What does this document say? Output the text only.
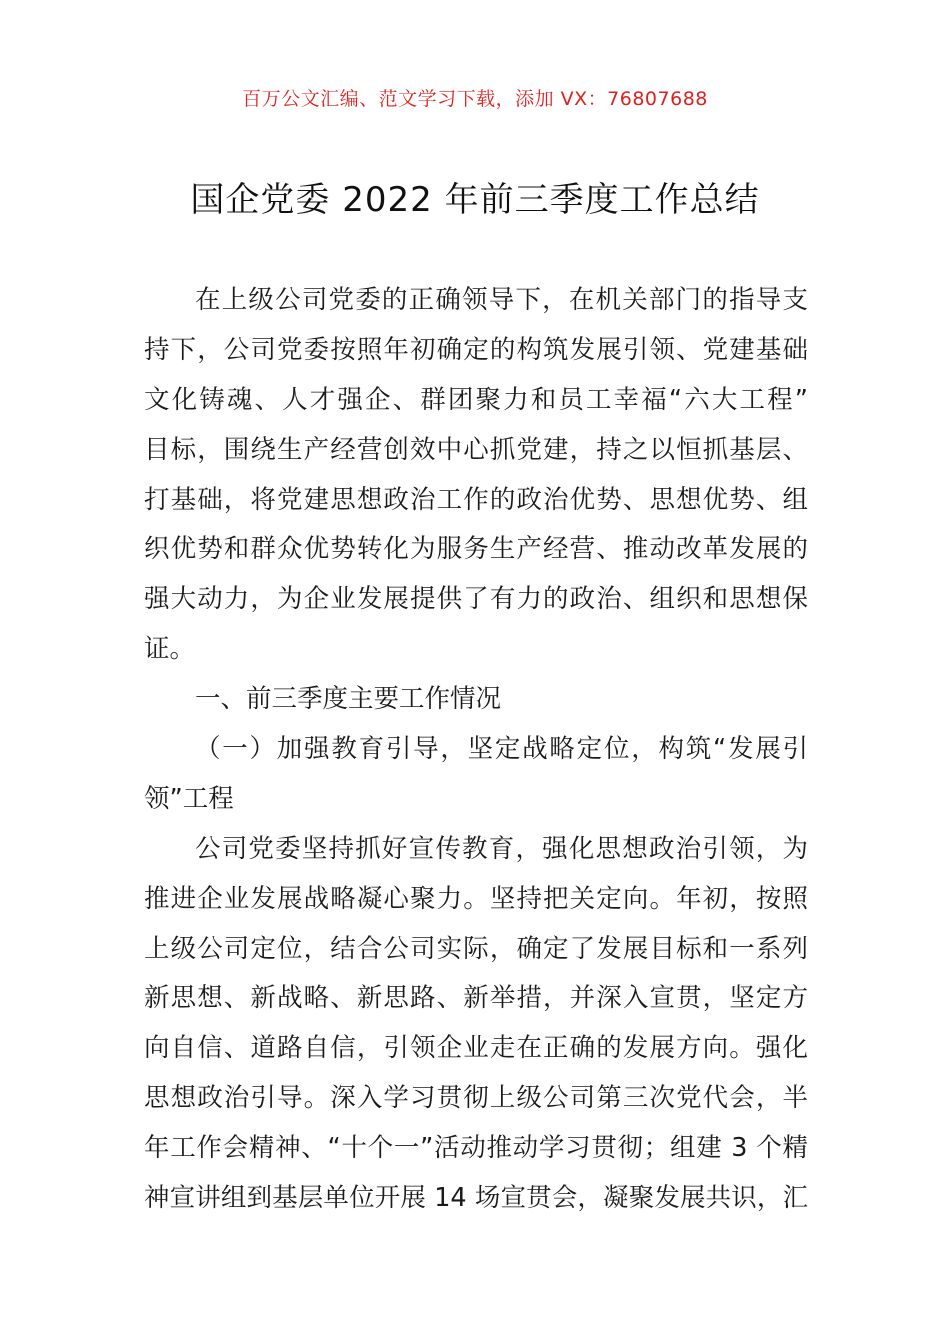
百万公文汇编、范文学习下载，添加 VX：76807688
国企党委 2022 年前三季度工作总结
在上级公司党委的正确领导下，在机关部门的指导支
持下，公司党委按照年初确定的构筑发展引领、党建基础
文化铸魂、人才强企、群团聚力和员工幸福“六大工程”
目标，围绕生产经营创效中心抓党建，持之以恒抓基层、
打基础，将党建思想政治工作的政治优势、思想优势、组
织优势和群众优势转化为服务生产经营、推动改革发展的
强大动力，为企业发展提供了有力的政治、组织和思想保
证。
一、前三季度主要工作情况
（一）加强教育引导，坚定战略定位，构筑“发展引
领”工程
公司党委坚持抓好宣传教育，强化思想政治引领，为
推进企业发展战略凝心聚力。坚持把关定向。年初，按照
上级公司定位，结合公司实际，确定了发展目标和一系列
新思想、新战略、新思路、新举措，并深入宣贯，坚定方
向自信、道路自信，引领企业走在正确的发展方向。强化
思想政治引导。深入学习贯彻上级公司第三次党代会，半
年工作会精神、“十个一”活动推动学习贯彻；组建 3 个精
神宣讲组到基层单位开展 14 场宣贯会，凝聚发展共识，汇
